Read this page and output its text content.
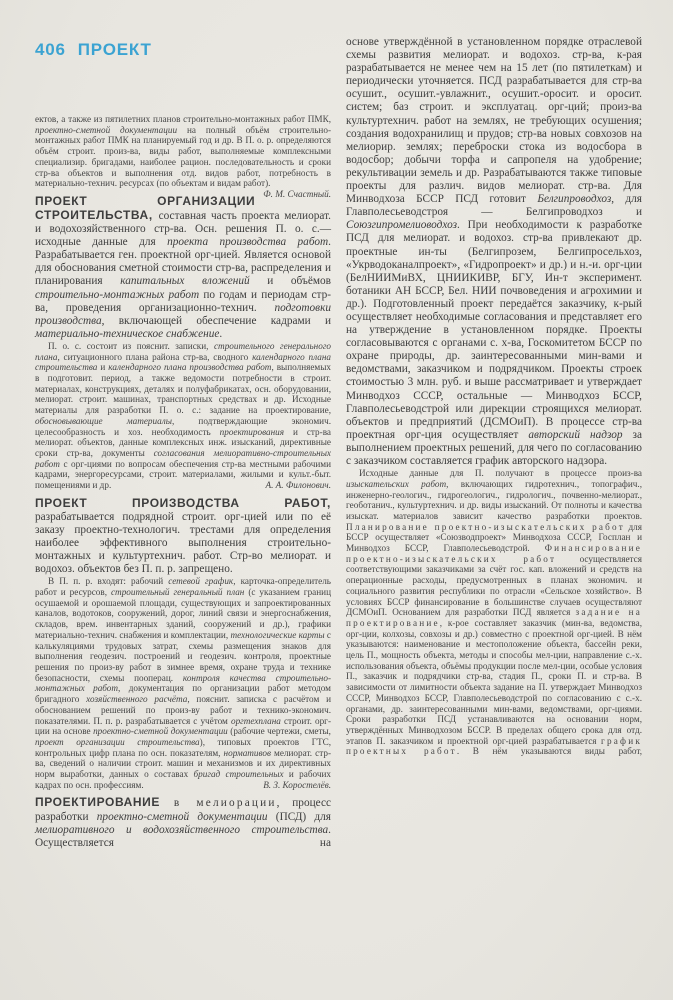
406 ПРОЕКТ

ектов, а также из пятилетних планов строительно-монтажных работ ПМК, проектно-сметной документации на полный объём строительно-монтажных работ ПМК на планируемый год и др. В П. о. р. определяются объём строит. произ-ва, виды работ, выполняемые комплексными специализир. бригадами, наиболее рацион. последовательность и сроки стр-ва объектов и выполнения отд. видов работ, потребность в материально-технич. ресурсах (по объектам и видам работ).
Ф. М. Счастный.

ПРОЕКТ ОРГАНИЗАЦИИ СТРОИТЕЛЬСТВА, составная часть проекта мелиорат. и водохозяйственного стр-ва. Осн. решения П. о. с.— исходные данные для проекта производства работ. Разрабатывается ген. проектной орг-цией. Является основой для обоснования сметной стоимости стр-ва, распределения и планирования капитальных вложений и объёмов строительно-монтажных работ по годам и периодам стр-ва, проведения организационно-технич. подготовки производства, включающей обеспечение кадрами и материально-техническое снабжение.

П. о. с. состоит из пояснит. записки, строительного генерального плана, ситуационного плана района стр-ва, сводного календарного плана строительства и календарного плана производства работ, выполняемых в подготовит. период, а также ведомости потребности в строит. материалах, конструкциях, деталях и полуфабрикатах, осн. оборудовании, мелиорат. строит. машинах, транспортных средствах и др. Исходные материалы для разработки П. о. с.: задание на проектирование, обосновывающие материалы, подтверждающие экономич. целесообразность и хоз. необходимость проектирования и стр-ва мелиорат. объектов, данные комплексных инж. изысканий, директивные сроки стр-ва, документы согласования мелиоративно-строительных работ с орг-циями по вопросам обеспечения стр-ва местными рабочими кадрами, энергоресурсами, строит. материалами, жилыми и культ.-быт. помещениями и др.	А. А. Филонович.

ПРОЕКТ ПРОИЗВОДСТВА РАБОТ, разрабатывается подрядной строит. орг-цией или по её заказу проектно-технологич. трестами для определения наиболее эффективного выполнения строительно-монтажных и культуртехнич. работ. Стр-во мелиорат. и водохоз. объектов без П. п. р. запрещено.

В П. п. р. входят: рабочий сетевой график, карточка-определитель работ и ресурсов, строительный генеральный план (с указанием границ осушаемой и орошаемой площади, существующих и запроектированных каналов, водотоков, сооружений, дорог, линий связи и энергоснабжения, складов, врем. инвентарных зданий, сооружений и др.), графики материально-технич. снабжения и комплектации, технологические карты с калькуляциями трудовых затрат, схемы размещения знаков для выполнения геодезич. построений и геодезич. контроля, проектные решения по произ-ву работ в зимнее время, охране труда и технике безопасности, схемы пооперац. контроля качества строительно-монтажных работ, документация по организации работ методом бригадного хозяйственного расчёта, пояснит. записка с расчётом и обоснованием решений по произ-ву работ и технико-экономич. показателями. П. п. р. разрабатывается с учётом оргтехплана строит. орг-ции на основе проектно-сметной документации (рабочие чертежи, сметы, проект организации строительства), типовых проектов ГТС, контрольных цифр плана по осн. показателям, нормативов мелиорат. стр-ва, сведений о наличии строит. машин и механизмов и их директивных норм выработки, данных о составах бригад строительных и рабочих кадрах по осн. профессиям.	В. З. Коростелёв.

ПРОЕКТИРОВАНИЕ в мелиорации, процесс разработки проектно-сметной документации (ПСД) для мелиоративного и водохозяйственного строительства. Осуществляется на

основе утверждённой в установленном порядке отраслевой схемы развития мелиорат. и водохоз. стр-ва, к-рая разрабатывается не менее чем на 15 лет (по пятилеткам) и периодически уточняется. ПСД разрабатывается для стр-ва осушит., осушит.-увлажнит., осушит.-оросит. и оросит. систем; баз строит. и эксплуатац. орг-ций; произ-ва культуртехнич. работ на землях, не требующих осушения; создания водохранилищ и прудов; стр-ва новых совхозов на мелиорир. землях; переброски стока из водосбора в водосбор; добычи торфа и сапропеля на удобрение; рекультивации земель и др. Разрабатываются также типовые проекты для различ. видов мелиорат. стр-ва. Для Минводхоза БССР ПСД готовит Белгипроводхоз, для Главполесьеводстроя — Белгипроводхоз и Союзгипромелиоводхоз. При необходимости к разработке ПСД для мелиорат. и водохоз. стр-ва привлекают др. проектные ин-ты (Белгипрозем, Белгипросельхоз, «Укрводоканалпроект», «Гидропроект» и др.) и н.-и. орг-ции (БелНИИМиВХ, ЦНИИКИВР, БГУ, Ин-т эксперимент. ботаники АН БССР, Бел. НИИ почвоведения и агрохимии и др.). Подготовленный проект передаётся заказчику, к-рый осуществляет необходимые согласования и представляет его на утверждение в установленном порядке. Проекты согласовываются с органами с. х-ва, Госкомитетом БССР по охране природы, др. заинтересованными мин-вами и ведомствами, заказчиком и подрядчиком. Проекты строек стоимостью 3 млн. руб. и выше рассматривает и утверждает Минводхоз СССР, остальные — Минводхоз БССР, Главполесьеводстрой или дирекции строящихся мелиорат. объектов и предприятий (ДСМОиП). В процессе стр-ва проектная орг-ция осуществляет авторский надзор за выполнением проектных решений, для чего по согласованию с заказчиком составляется график авторского надзора.

Исходные данные для П. получают в процессе произ-ва изыскательских работ, включающих гидротехнич., топографич., инженерно-геологич., гидрогеологич., гидрологич., почвенно-мелиорат., геоботанич., культуртехнич. и др. виды изысканий. От полноты и качества изыскат. материалов зависит качество разработки проектов. Планирование проектно-изыскательских работ для БССР осуществляет «Союзводпроект» Минводхоза СССР, Госплан и Минводхоз БССР, Главполесьеводстрой. Финансирование проектно-изыскательских работ осуществляется соответствующими заказчиками за счёт гос. кап. вложений и средств на операционные расходы, предусмотренных в планах экономич. и социального развития республики по отрасли «Сельское хозяйство». В условиях БССР финансирование в большинстве случаев осуществляют ДСМОиП. Основанием для разработки ПСД является задание на проектирование, к-рое составляет заказчик (мин-ва, ведомства, орг-ции, колхозы, совхозы и др.) совместно с проектной орг-цией. В нём указываются: наименование и местоположение объекта, бассейн реки, цель П., мощность объекта, методы и способы мел-ции, направление с.-х. использования объекта, объёмы продукции после мел-ции, особые условия П., заказчик и подрядчики стр-ва, стадия П., сроки П. и стр-ва. В зависимости от лимитности объекта задание на П. утверждает Минводхоз СССР, Минводхоз БССР, Главполесьеводстрой по согласованию с с.-х. органами, др. заинтересованными мин-вами, ведомствами, орг-циями. Сроки разработки ПСД устанавливаются на основании норм, утверждённых Минводхозом БССР. В пределах общего срока для отд. этапов П. заказчиком и проектной орг-цией разрабатывается график проектных работ. В нём указываются виды работ,
